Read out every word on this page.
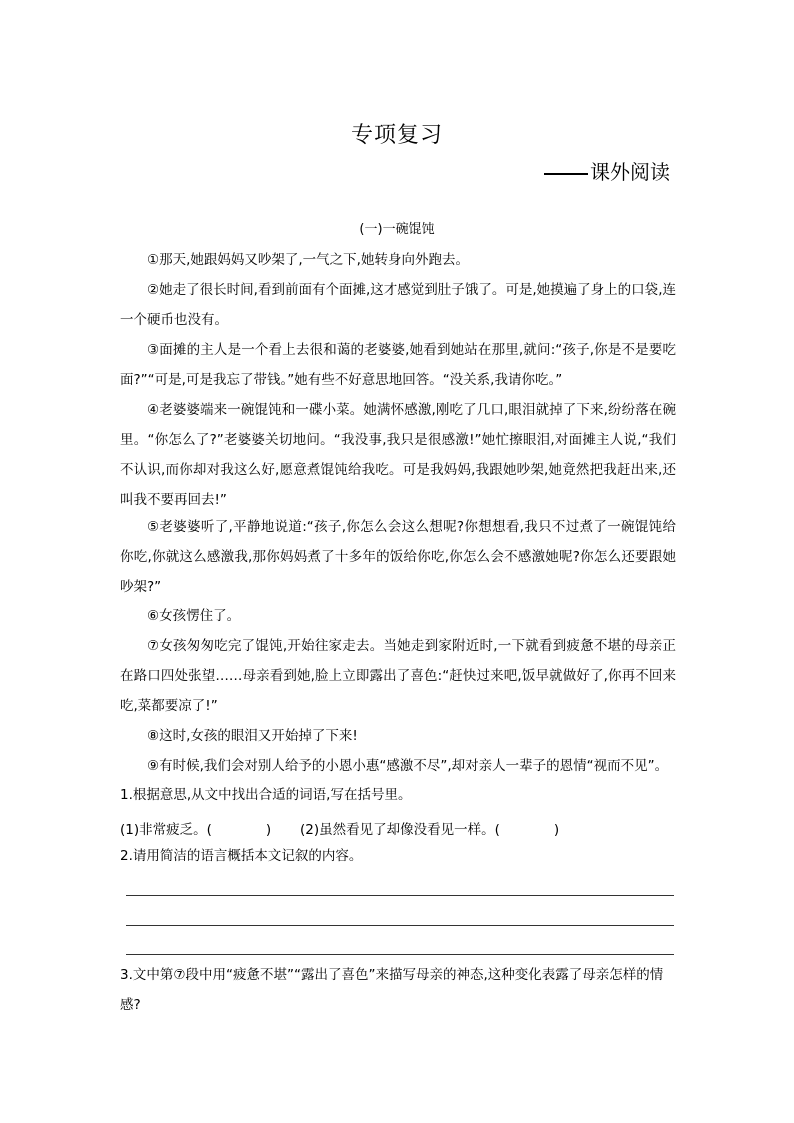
专项复习
课外阅读
(一)一碗馄饨
①那天,她跟妈妈又吵架了,一气之下,她转身向外跑去。
②她走了很长时间,看到前面有个面摊,这才感觉到肚子饿了。可是,她摸遍了身上的口袋,连一个硬币也没有。
③面摊的主人是一个看上去很和蔼的老婆婆,她看到她站在那里,就问:“孩子,你是不是要吃面?”“可是,可是我忘了带钱。”她有些不好意思地回答。“没关系,我请你吃。”
④老婆婆端来一碗馄饨和一碟小菜。她满怀感激,刚吃了几口,眼泪就掉了下来,纷纷落在碗里。“你怎么了?”老婆婆关切地问。“我没事,我只是很感激!”她忙擦眼泪,对面摊主人说,“我们不认识,而你却对我这么好,愿意煮馄饨给我吃。可是我妈妈,我跟她吵架,她竟然把我赶出来,还叫我不要再回去!”
⑤老婆婆听了,平静地说道:“孩子,你怎么会这么想呢?你想想看,我只不过煮了一碗馄饨给你吃,你就这么感激我,那你妈妈煮了十多年的饭给你吃,你怎么会不感激她呢?你怎么还要跟她吵架?”
⑥女孩愣住了。
⑦女孩匆匆吃完了馄饨,开始往家走去。当她走到家附近时,一下就看到疲惫不堪的母亲正在路口四处张望……母亲看到她,脸上立即露出了喜色:“赶快过来吧,饭早就做好了,你再不回来吃,菜都要凉了!”
⑧这时,女孩的眼泪又开始掉了下来!
⑨有时候,我们会对别人给予的小恩小惠“感激不尽”,却对亲人一辈子的恩情“视而不见”。
1.根据意思,从文中找出合适的词语,写在括号里。
(1)非常疲乏。(　　　　) (2)虽然看见了却像没看见一样。(　　　　)
2.请用简洁的语言概括本文记叙的内容。
3.文中第⑦段中用“疲惫不堪”“露出了喜色”来描写母亲的神态,这种变化表露了母亲怎样的情感?
